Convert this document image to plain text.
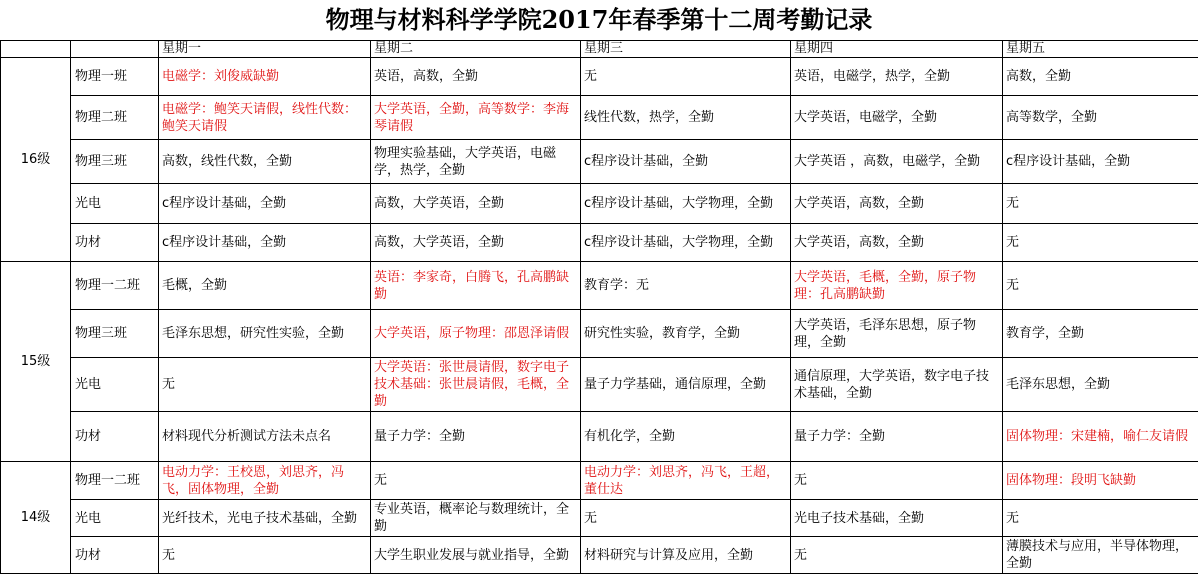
物理与材料科学学院2017年春季第十二周考勤记录
		星期一	星期二	星期三	星期四	星期五
16级	物理一班	电磁学：刘俊威缺勤	英语，高数，全勤	无	英语，电磁学，热学，全勤	高数，全勤
	物理二班	电磁学：鲍笑天请假，线性代数：鲍笑天请假	大学英语，全勤，高等数学：李海琴请假	线性代数，热学，全勤	大学英语，电磁学，全勤	高等数学，全勤
	物理三班	高数，线性代数，全勤	物理实验基础，大学英语，电磁学，热学，全勤	c程序设计基础，全勤	大学英语 ，高数，电磁学，全勤	c程序设计基础，全勤
	光电	c程序设计基础，全勤	高数，大学英语，全勤	c程序设计基础，大学物理，全勤	大学英语，高数，全勤	无
	功材	c程序设计基础，全勤	高数，大学英语，全勤	c程序设计基础，大学物理，全勤	大学英语，高数，全勤	无
15级	物理一二班	毛概，全勤	英语：李家奇，白腾飞，孔高鹏缺勤	教育学：无	大学英语，毛概，全勤，原子物理：孔高鹏缺勤	无
	物理三班	毛泽东思想，研究性实验，全勤	大学英语，原子物理：邵恩泽请假	研究性实验，教育学，全勤	大学英语，毛泽东思想，原子物理，全勤	教育学，全勤
	光电	无	大学英语：张世晨请假，数字电子技术基础：张世晨请假，毛概，全勤	量子力学基础，通信原理，全勤	通信原理，大学英语，数字电子技术基础，全勤	毛泽东思想，全勤
	功材	材料现代分析测试方法未点名	量子力学：全勤	有机化学，全勤	量子力学：全勤	固体物理：宋建楠，喻仁友请假
14级	物理一二班	电动力学：王校恩，刘思齐，冯飞，固体物理，全勤	无	电动力学：刘思齐，冯飞，王超，董仕达	无	固体物理：段明飞缺勤
	光电	光纤技术，光电子技术基础，全勤	专业英语，概率论与数理统计，全勤	无	光电子技术基础，全勤	无
	功材	无	大学生职业发展与就业指导，全勤	材料研究与计算及应用，全勤	无	薄膜技术与应用，半导体物理，全勤
